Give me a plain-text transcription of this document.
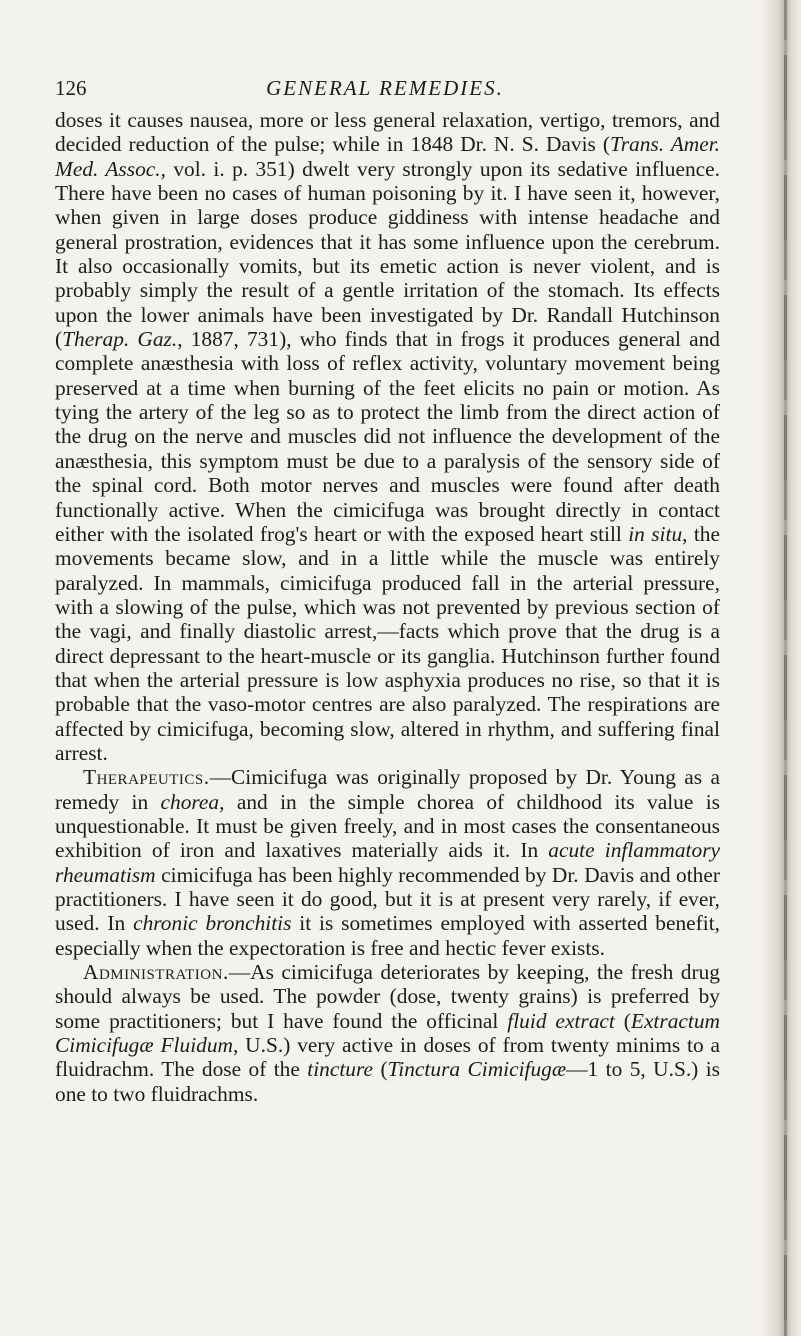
126	GENERAL REMEDIES.

doses it causes nausea, more or less general relaxation, vertigo, tremors, and decided reduction of the pulse; while in 1848 Dr. N. S. Davis (Trans. Amer. Med. Assoc., vol. i. p. 351) dwelt very strongly upon its sedative influence. There have been no cases of human poisoning by it. I have seen it, however, when given in large doses produce giddiness with intense headache and general prostration, evidences that it has some influence upon the cerebrum. It also occasionally vomits, but its emetic action is never violent, and is probably simply the result of a gentle irritation of the stomach. Its effects upon the lower animals have been investigated by Dr. Randall Hutchinson (Therap. Gaz., 1887, 731), who finds that in frogs it produces general and complete anæsthesia with loss of reflex activity, voluntary movement being preserved at a time when burning of the feet elicits no pain or motion. As tying the artery of the leg so as to protect the limb from the direct action of the drug on the nerve and muscles did not influence the development of the anæsthesia, this symptom must be due to a paralysis of the sensory side of the spinal cord. Both motor nerves and muscles were found after death functionally active. When the cimicifuga was brought directly in contact either with the isolated frog's heart or with the exposed heart still in situ, the movements became slow, and in a little while the muscle was entirely paralyzed. In mammals, cimicifuga produced fall in the arterial pressure, with a slowing of the pulse, which was not prevented by previous section of the vagi, and finally diastolic arrest,—facts which prove that the drug is a direct depressant to the heart-muscle or its ganglia. Hutchinson further found that when the arterial pressure is low asphyxia produces no rise, so that it is probable that the vaso-motor centres are also paralyzed. The respirations are affected by cimicifuga, becoming slow, altered in rhythm, and suffering final arrest.

Therapeutics.—Cimicifuga was originally proposed by Dr. Young as a remedy in chorea, and in the simple chorea of childhood its value is unquestionable. It must be given freely, and in most cases the consentaneous exhibition of iron and laxatives materially aids it. In acute inflammatory rheumatism cimicifuga has been highly recommended by Dr. Davis and other practitioners. I have seen it do good, but it is at present very rarely, if ever, used. In chronic bronchitis it is sometimes employed with asserted benefit, especially when the expectoration is free and hectic fever exists.

Administration.—As cimicifuga deteriorates by keeping, the fresh drug should always be used. The powder (dose, twenty grains) is preferred by some practitioners; but I have found the officinal fluid extract (Extractum Cimicifugæ Fluidum, U.S.) very active in doses of from twenty minims to a fluidrachm. The dose of the tincture (Tinctura Cimicifugæ—1 to 5, U.S.) is one to two fluidrachms.
